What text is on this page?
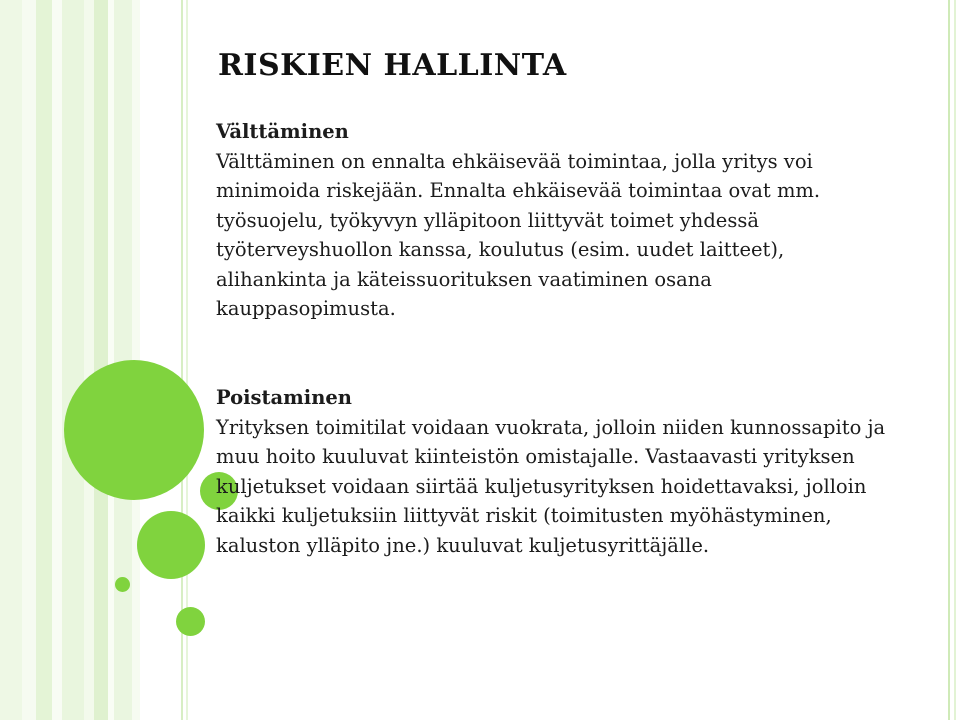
RISKIEN HALLINTA
Välttäminen
Välttäminen on ennalta ehkäisevää toimintaa, jolla yritys voi minimoida riskejään. Ennalta ehkäisevää toimintaa ovat mm. työsuojelu, työkyvyn ylläpitoon liittyvät toimet yhdessä työterveyshuollon kanssa, koulutus (esim. uudet laitteet), alihankinta ja käteissuorituksen vaatiminen osana kauppasopimusta.
Poistaminen
Yrityksen toimitilat voidaan vuokrata, jolloin niiden kunnossapito ja muu hoito kuuluvat kiinteistön omistajalle. Vastaavasti yrityksen kuljetukset voidaan siirtää kuljetusyrityksen hoidettavaksi, jolloin kaikki kuljetuksiin liittyvät riskit (toimitusten myöhästyminen, kaluston ylläpito jne.) kuuluvat kuljetusyrittäjälle.
